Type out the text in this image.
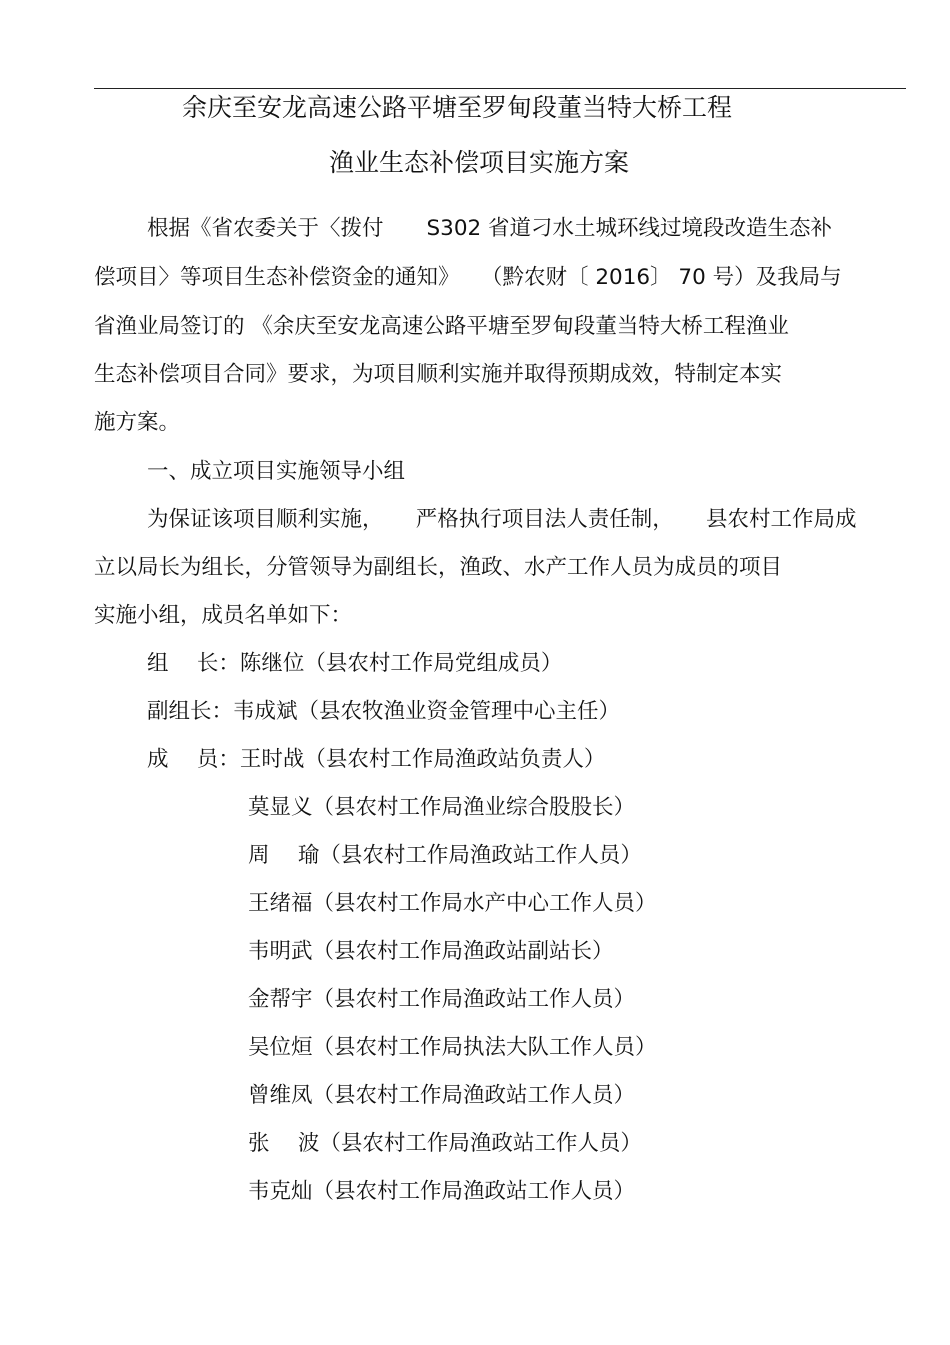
余庆至安龙高速公路平塘至罗甸段董当特大桥工程
渔业生态补偿项目实施方案
根据《省农委关于〈拨付　　S302 省道刁水土城环线过境段改造生态补
偿项目〉等项目生态补偿资金的通知》　　（黔农财〔 2016〕 70 号）及我局与
省渔业局签订的 《余庆至安龙高速公路平塘至罗甸段董当特大桥工程渔业
生态补偿项目合同》要求，为项目顺利实施并取得预期成效，特制定本实
施方案。
一、成立项目实施领导小组
为保证该项目顺利实施，　　严格执行项目法人责任制，　　县农村工作局成
立以局长为组长，分管领导为副组长，渔政、水产工作人员为成员的项目
实施小组，成员名单如下：
组　 长：陈继位（县农村工作局党组成员）
副组长：韦成斌（县农牧渔业资金管理中心主任）
成　 员：王时战（县农村工作局渔政站负责人）
莫显义（县农村工作局渔业综合股股长）
周　 瑜（县农村工作局渔政站工作人员）
王绪福（县农村工作局水产中心工作人员）
韦明武（县农村工作局渔政站副站长）
金帮宇（县农村工作局渔政站工作人员）
吴位烜（县农村工作局执法大队工作人员）
曾维凤（县农村工作局渔政站工作人员）
张　 波（县农村工作局渔政站工作人员）
韦克灿（县农村工作局渔政站工作人员）
